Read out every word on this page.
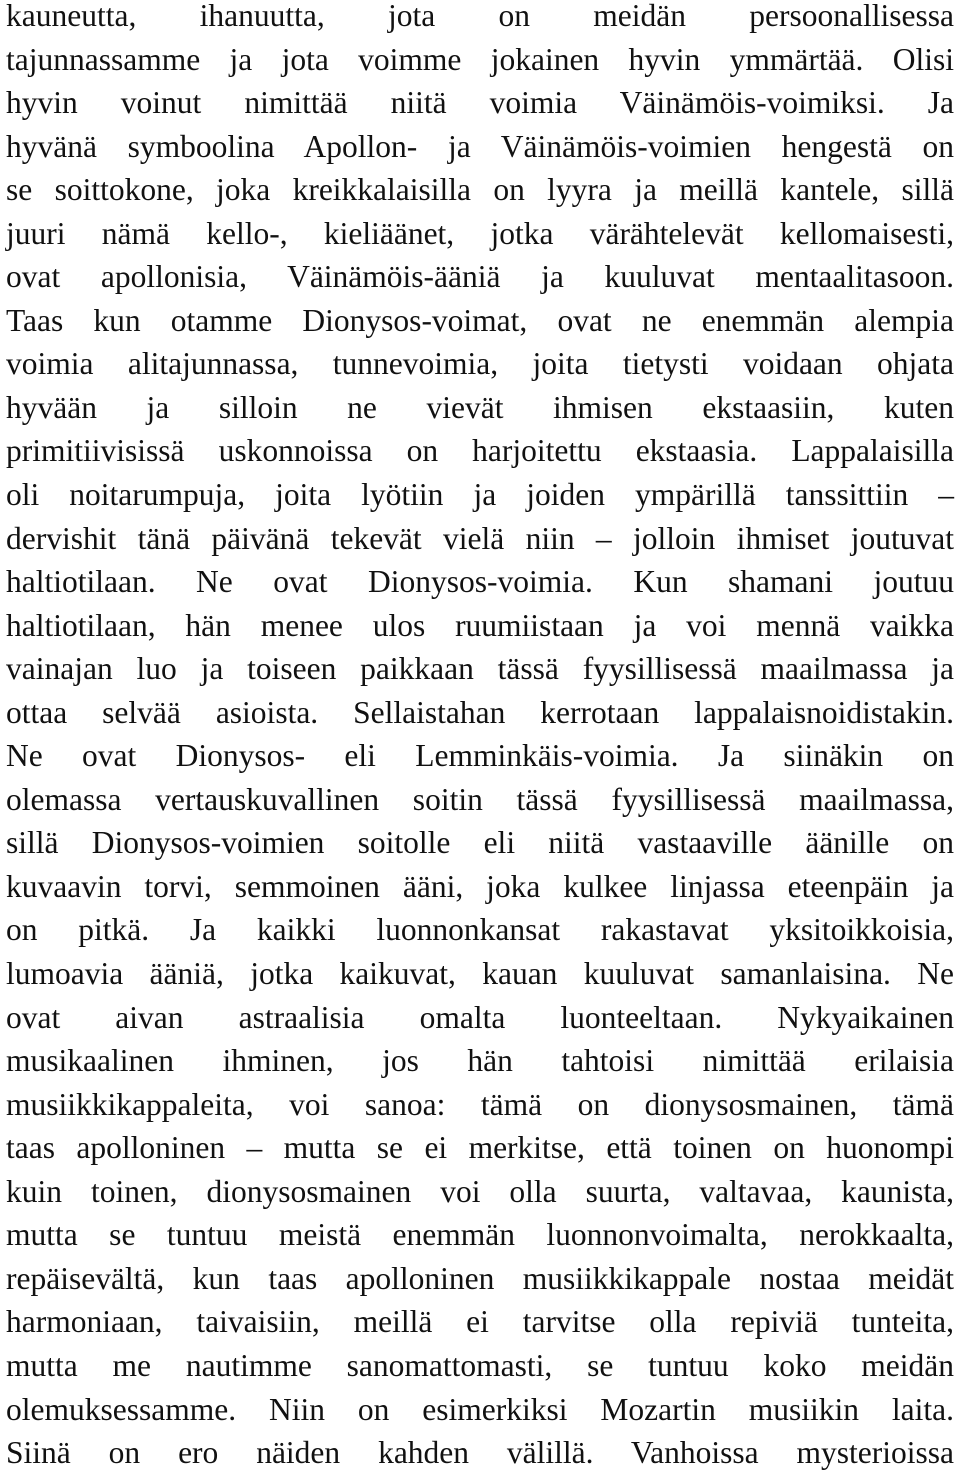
kauneutta, ihanuutta, jota on meidän persoonallisessa
tajunnassamme ja jota voimme jokainen hyvin ymmärtää. Olisi
hyvin voinut nimittää niitä voimia Väinämöis-voimiksi. Ja
hyvänä symboolina Apollon- ja Väinämöis-voimien hengestä on
se soittokone, joka kreikkalaisilla on lyyra ja meillä kantele, sillä
juuri nämä kello-, kieliäänet, jotka värähtelevät kellomaisesti,
ovat apollonisia, Väinämöis-ääniä ja kuuluvat mentaalitasoon.
Taas kun otamme Dionysos-voimat, ovat ne enemmän alempia
voimia alitajunnassa, tunnevoimia, joita tietysti voidaan ohjata
hyvään ja silloin ne vievät ihmisen ekstaasiin, kuten
primitiivisissä uskonnoissa on harjoitettu ekstaasia. Lappalaisilla
oli noitarumpuja, joita lyötiin ja joiden ympärillä tanssittiin –
dervishit tänä päivänä tekevät vielä niin – jolloin ihmiset joutuvat
haltiotilaan. Ne ovat Dionysos-voimia. Kun shamani joutuu
haltiotilaan, hän menee ulos ruumiistaan ja voi mennä vaikka
vainajan luo ja toiseen paikkaan tässä fyysillisessä maailmassa ja
ottaa selvää asioista. Sellaistahan kerrotaan lappalaisnoidistakin.
Ne ovat Dionysos- eli Lemminkäis-voimia. Ja siinäkin on
olemassa vertauskuvallinen soitin tässä fyysillisessä maailmassa,
sillä Dionysos-voimien soitolle eli niitä vastaaville äänille on
kuvaavin torvi, semmoinen ääni, joka kulkee linjassa eteenpäin ja
on pitkä. Ja kaikki luonnonkansat rakastavat yksitoikkoisia,
lumoavia ääniä, jotka kaikuvat, kauan kuuluvat samanlaisina. Ne
ovat aivan astraalisia omalta luonteeltaan. Nykyaikainen
musikaalinen ihminen, jos hän tahtoisi nimittää erilaisia
musiikkikappaleita, voi sanoa: tämä on dionysosmainen, tämä
taas apolloninen – mutta se ei merkitse, että toinen on huonompi
kuin toinen, dionysosmainen voi olla suurta, valtavaa, kaunista,
mutta se tuntuu meistä enemmän luonnonvoimalta, nerokkaalta,
repäisevältä, kun taas apolloninen musiikkikappale nostaa meidät
harmoniaan, taivaisiin, meillä ei tarvitse olla repiviä tunteita,
mutta me nautimme sanomattomasti, se tuntuu koko meidän
olemuksessamme. Niin on esimerkiksi Mozartin musiikin laita.
Siinä on ero näiden kahden välillä. Vanhoissa mysterioissa
